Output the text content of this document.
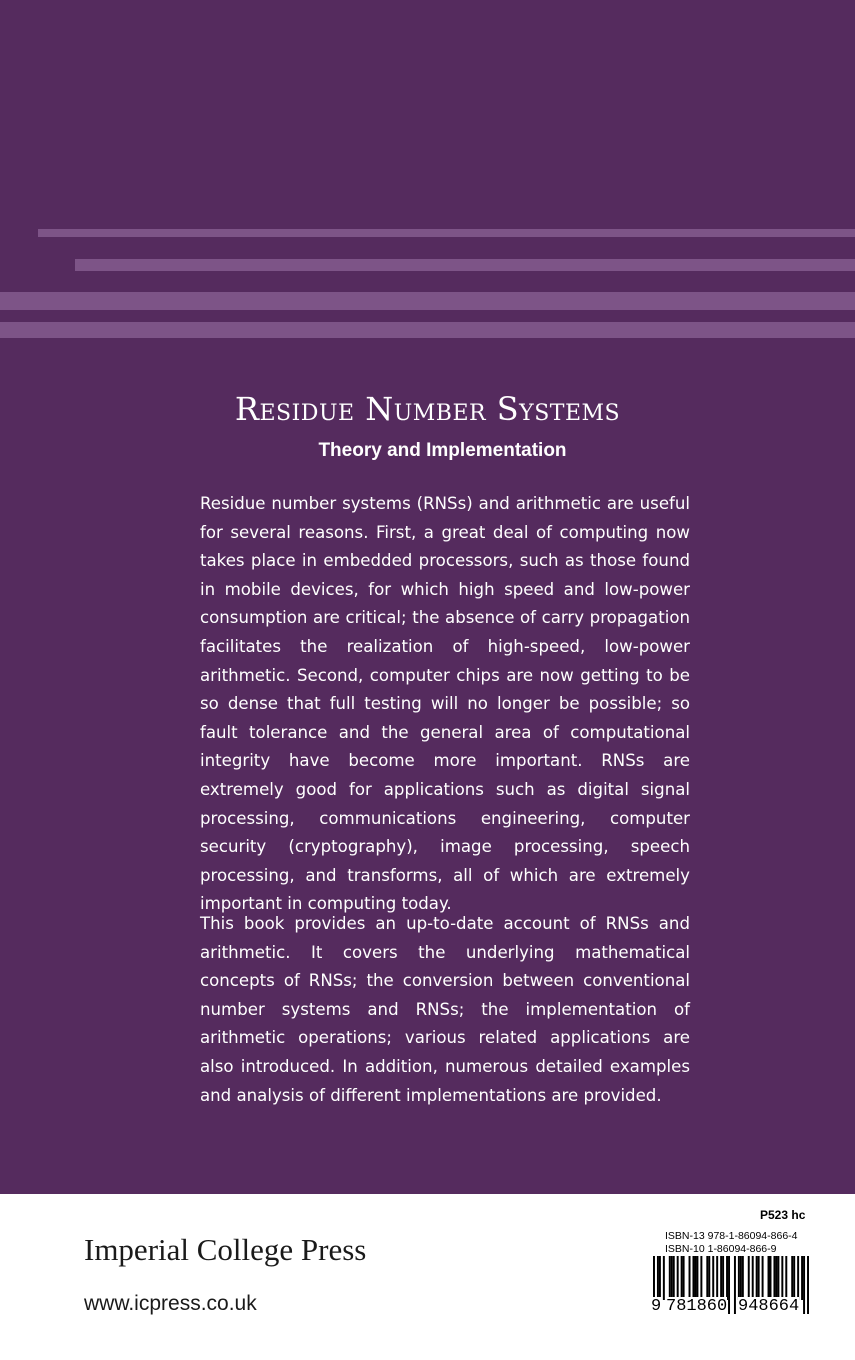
Residue Number Systems
Theory and Implementation

Residue number systems (RNSs) and arithmetic are useful for several reasons. First, a great deal of computing now takes place in embedded processors, such as those found in mobile devices, for which high speed and low-power consumption are critical; the absence of carry propagation facilitates the realization of high-speed, low-power arithmetic. Second, computer chips are now getting to be so dense that full testing will no longer be possible; so fault tolerance and the general area of computational integrity have become more important. RNSs are extremely good for applications such as digital signal processing, communications engineering, computer security (cryptography), image processing, speech processing, and transforms, all of which are extremely important in computing today.

This book provides an up-to-date account of RNSs and arithmetic. It covers the underlying mathematical concepts of RNSs; the conversion between conventional number systems and RNSs; the implementation of arithmetic operations; various related applications are also introduced. In addition, numerous detailed examples and analysis of different implementations are provided.

Imperial College Press
www.icpress.co.uk
P523 hc
ISBN-13 978-1-86094-866-4
ISBN-10 1-86094-866-9
9 781860 948664
